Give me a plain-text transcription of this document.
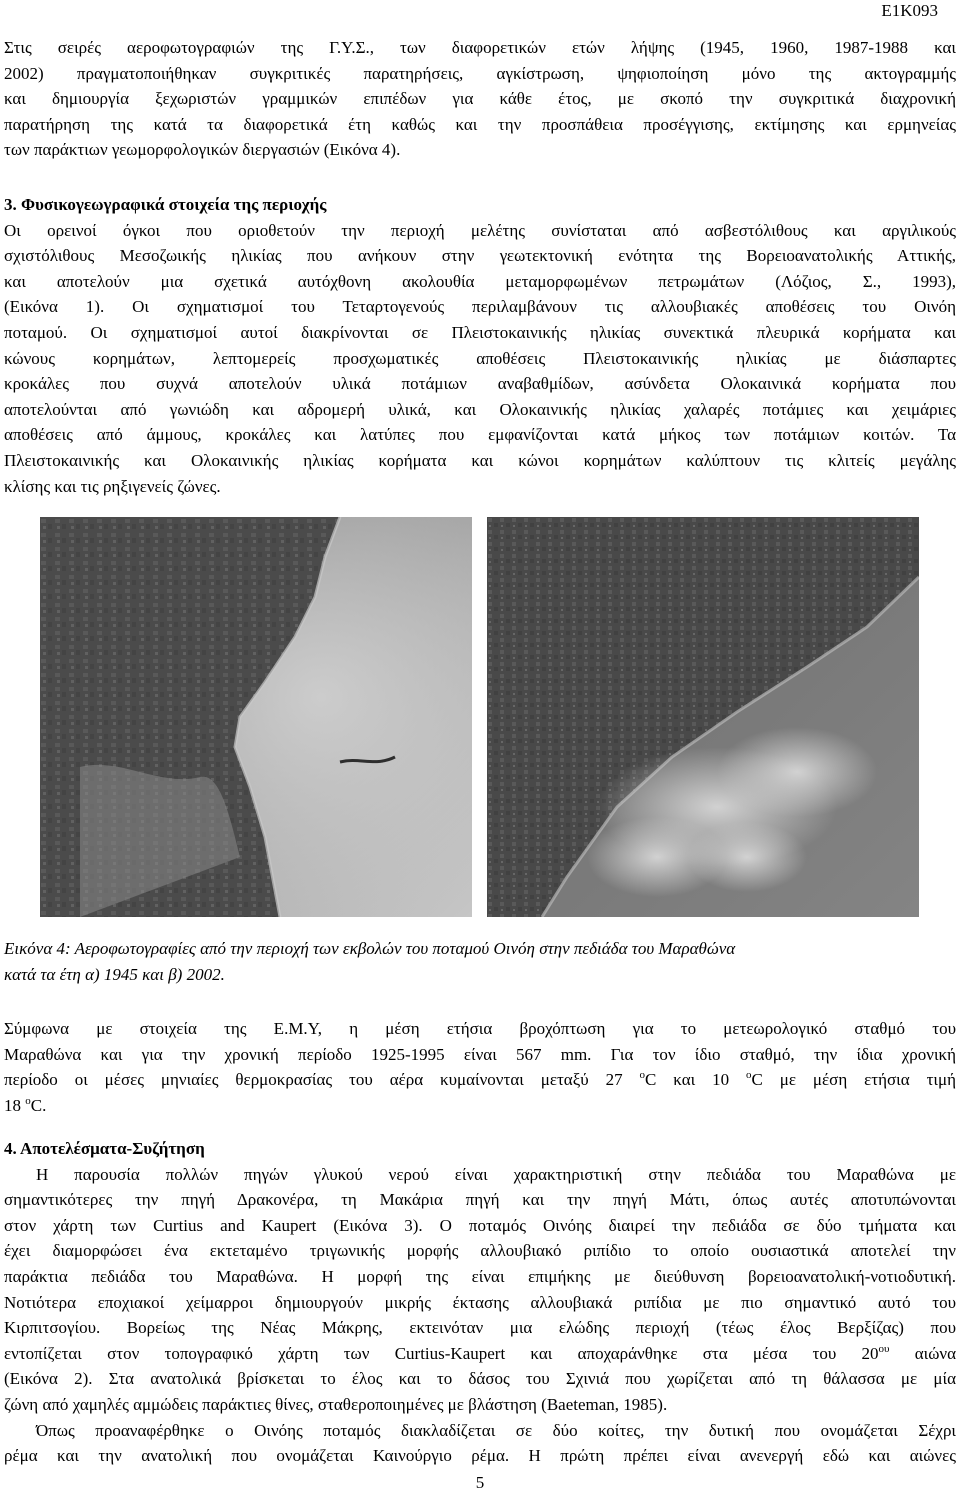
E1K093

Στις σειρές αεροφωτογραφιών της Γ.Υ.Σ., των διαφορετικών ετών λήψης (1945, 1960, 1987-1988 και

2002) πραγματοποιήθηκαν συγκριτικές παρατηρήσεις, αγκίστρωση, ψηφιοποίηση μόνο της ακτογραμμής

και δημιουργία ξεχωριστών γραμμικών επιπέδων για κάθε έτος, με σκοπό την συγκριτικά διαχρονική

παρατήρηση της κατά τα διαφορετικά έτη καθώς και την προσπάθεια προσέγγισης, εκτίμησης και ερμηνείας

των παράκτιων γεωμορφολογικών διεργασιών (Εικόνα 4).

3. Φυσικογεωγραφικά στοιχεία της περιοχής

Οι ορεινοί όγκοι που οριοθετούν την περιοχή μελέτης συνίσταται από ασβεστόλιθους και αργιλικούς

σχιστόλιθους Μεσοζωικής ηλικίας που ανήκουν στην γεωτεκτονική ενότητα της Βορειοανατολικής Αττικής,

και αποτελούν μια σχετικά αυτόχθονη ακολουθία μεταμορφωμένων πετρωμάτων (Λόζιος, Σ., 1993),

(Εικόνα 1). Οι σχηματισμοί του Τεταρτογενούς περιλαμβάνουν τις αλλουβιακές αποθέσεις του Οινόη

ποταμού. Οι σχηματισμοί αυτοί διακρίνονται σε Πλειστοκαινικής ηλικίας συνεκτικά πλευρικά κορήματα και

κώνους κορημάτων, λεπτομερείς προσχωματικές αποθέσεις Πλειστοκαινικής ηλικίας με διάσπαρτες

κροκάλες που συχνά αποτελούν υλικά ποτάμιων αναβαθμίδων, ασύνδετα Ολοκαινικά κορήματα που

αποτελούνται από γωνιώδη και αδρομερή υλικά, και Ολοκαινικής ηλικίας χαλαρές ποτάμιες και χειμάριες

αποθέσεις από άμμους, κροκάλες και λατύπες που εμφανίζονται κατά μήκος των ποτάμιων κοιτών. Τα

Πλειστοκαινικής και Ολοκαινικής ηλικίας κορήματα και κώνοι κορημάτων καλύπτουν τις κλιτείς μεγάλης

κλίσης και τις ρηξιγενείς ζώνες.

Εικόνα 4: Αεροφωτογραφίες από την περιοχή των εκβολών του ποταμού Οινόη στην πεδιάδα του Μαραθώνα

κατά τα έτη α) 1945 και β) 2002.

Σύμφωνα με στοιχεία της Ε.Μ.Υ, η μέση ετήσια βροχόπτωση για το μετεωρολογικό σταθμό του

Μαραθώνα και για την χρονική περίοδο 1925-1995 είναι 567 mm. Για τον ίδιο σταθμό, την ίδια χρονική

περίοδο οι μέσες μηνιαίες θερμοκρασίας του αέρα κυμαίνονται μεταξύ 27 $^o$C και 10 $^o$C με μέση ετήσια τιμή

18 $^o$C.

4. Αποτελέσματα-Συζήτηση

Η παρουσία πολλών πηγών γλυκού νερού είναι χαρακτηριστική στην πεδιάδα του Μαραθώνα με

σημαντικότερες την πηγή Δρακονέρα, τη Μακάρια πηγή και την πηγή Μάτι, όπως αυτές αποτυπώνονται

στον χάρτη των Curtius and Kaupert (Εικόνα 3). Ο ποταμός Οινόης διαιρεί την πεδιάδα σε δύο τμήματα και

έχει διαμορφώσει ένα εκτεταμένο τριγωνικής μορφής αλλουβιακό ριπίδιο το οποίο ουσιαστικά αποτελεί την

παράκτια πεδιάδα του Μαραθώνα. Η μορφή της είναι επιμήκης με διεύθυνση βορειοανατολική-νοτιοδυτική.

Νοτιότερα εποχιακοί χείμαρροι δημιουργούν μικρής έκτασης αλλουβιακά ριπίδια με πιο σημαντικό αυτό του

Κιρπιτσογίου. Βορείως της Νέας Μάκρης, εκτεινόταν μια ελώδης περιοχή (τέως έλος Βερξίζας) που

εντοπίζεται στον τοπογραφικό χάρτη των Curtius-Kaupert και αποχαράνθηκε στα μέσα του $20^{o\upsilon}$ αιώνα

(Εικόνα 2). Στα ανατολικά βρίσκεται το έλος και το δάσος του Σχινιά που χωρίζεται από τη θάλασσα με μία

ζώνη από χαμηλές αμμώδεις παράκτιες θίνες, σταθεροποιημένες με βλάστηση (Baeteman, 1985).

Όπως προαναφέρθηκε ο Οινόης ποταμός διακλαδίζεται σε δύο κοίτες, την δυτική που ονομάζεται Σέχρι

ρέμα και την ανατολική που ονομάζεται Καινούργιο ρέμα. Η πρώτη πρέπει είναι ανενεργή εδώ και αιώνες

5
